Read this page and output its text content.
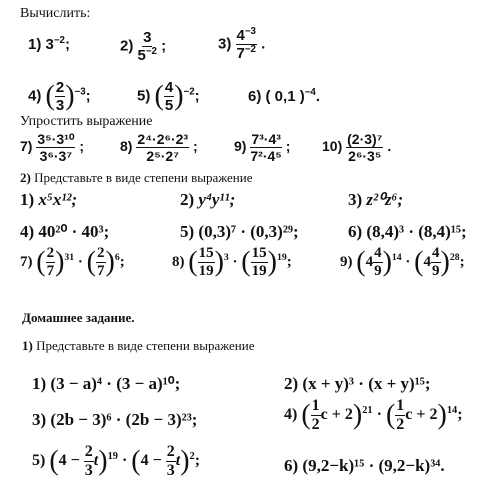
Вычислить:
1) $3^{-2}$;	$2) \frac{3}{5^{-2}}$ ;	$3) \frac{4^{-3}}{7^{-2}}$ .
4) ( $\frac{2}{3} )^{-3}$;	5) ( $\frac{4}{5} )^{-2}$;	6) ( 0,1 )$^{-4}$.
Упростить выражение
$7) \frac{\text{3⁵·3¹⁰}}{\text{3⁶·3⁷}}$ ;	$8) \frac{\text{2⁴·2⁶·2³}}{\text{2⁵·2⁷}}$ ;	$9) \frac{\text{7³·4³}}{\text{7²·4⁵}}$ ; $10) \frac{\text{(2·3)⁷}}{\text{2⁶·3⁵}}$ .
2) Представьте в виде степени выражение
1) x⁵x¹²;	2) y⁴y¹¹;	3) z²⁰z⁶;
4) 40²⁰ · 40³;	5) (0,3)⁷ · (0,3)²⁹;	6) (8,4)³ · (8,4)¹⁵;
7) ( $\frac{2}{7} )^{31}$ · ( $\frac{2}{7} )^6$;	8) ( $\frac{15}{19} )^3$ · ( $\frac{15}{19} )^{19}$;	9) $(4 \frac{4}{9} )^{14} \cdot (4 \frac{4}{9} )^{28}$;
Домашнее задание.
1) Представьте в виде степени выражение
1) (3 − a)⁴ · (3 − a)¹⁰;	2) (x + y)³ · (x + y)¹⁵;
3) (2b − 3)⁶ · (2b − 3)²³;	4) ( $\frac{1}{2}$ c + 2)$^{21}$ · ( $\frac{1}{2}$ c + 2)$^{14}$;
5) $(4 - \frac{2}{3} t)^{19} \cdot (4 - \frac{2}{3} t)^2$;	6) (9,2−k)¹⁵ · (9,2−k)³⁴.
